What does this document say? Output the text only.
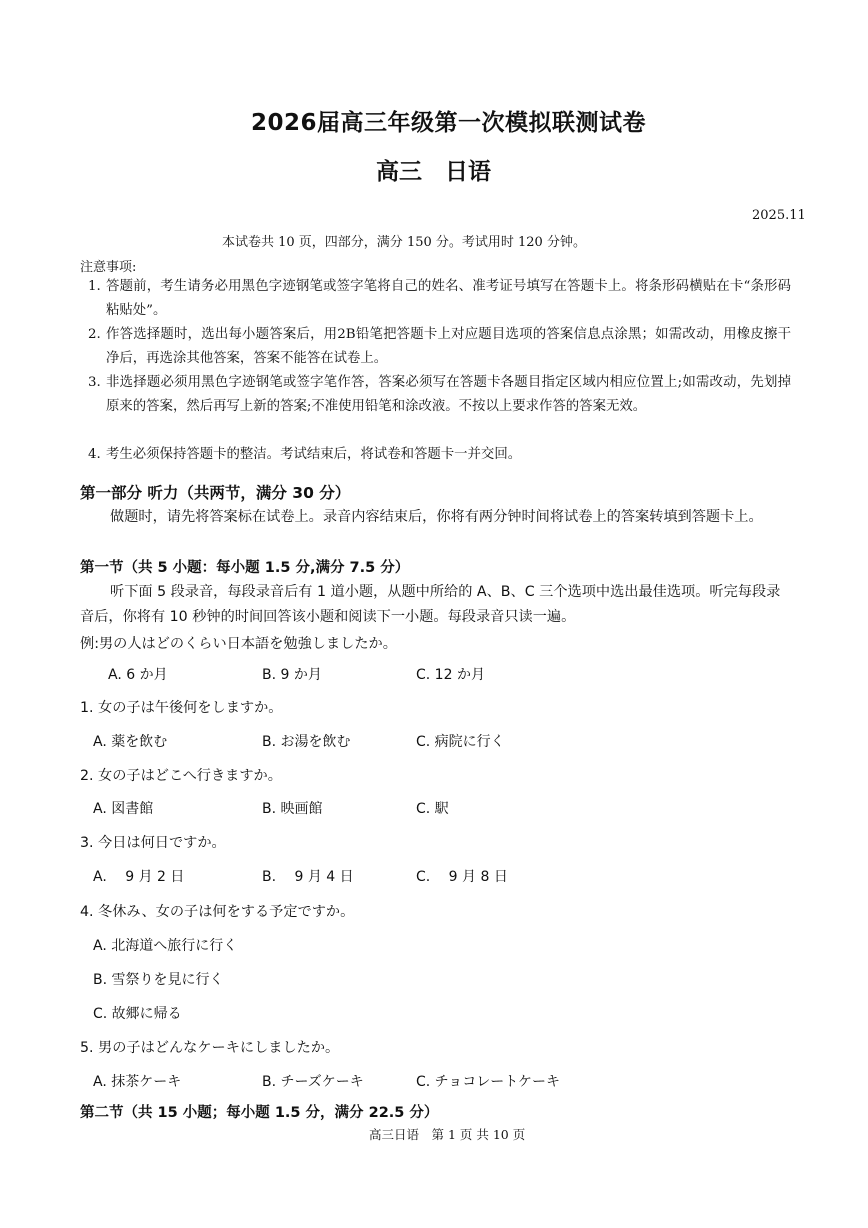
2026届高三年级第一次模拟联测试卷
高三　日语
2025.11
本试卷共 10 页，四部分，满分 150 分。考试用时 120 分钟。
注意事项:
1. 答题前，考生请务必用黑色字迹钢笔或签字笔将自己的姓名、准考证号填写在答题卡上。将条形码横贴在卡“条形码粘贴处”。
2. 作答选择题时，选出每小题答案后，用2B铅笔把答题卡上对应题目选项的答案信息点涂黑；如需改动，用橡皮擦干净后，再选涂其他答案，答案不能答在试卷上。
3. 非选择题必须用黑色字迹钢笔或签字笔作答，答案必须写在答题卡各题目指定区域内相应位置上;如需改动，先划掉原来的答案，然后再写上新的答案;不准使用铅笔和涂改液。不按以上要求作答的答案无效。
4. 考生必须保持答题卡的整洁。考试结束后，将试卷和答题卡一并交回。
第一部分 听力（共两节，满分 30 分）
做题时，请先将答案标在试卷上。录音内容结束后，你将有两分钟时间将试卷上的答案转填到答题卡上。
第一节（共 5 小题：每小题 1.5 分,满分 7.5 分）
听下面 5 段录音，每段录音后有 1 道小题，从题中所给的 A、B、C 三个选项中选出最佳选项。听完每段录音后，你将有 10 秒钟的时间回答该小题和阅读下一小题。每段录音只读一遍。
例:男の人はどのくらい日本語を勉強しましたか。
A. 6 か月	B. 9 か月	C. 12 か月
1. 女の子は午後何をしますか。
A. 薬を飲む	B. お湯を飲む	C. 病院に行く
2. 女の子はどこへ行きますか。
A. 図書館	B. 映画館	C. 駅
3. 今日は何日ですか。
A.　 9 月 2 日	B.　 9 月 4 日	C.　 9 月 8 日
4. 冬休み、女の子は何をする予定ですか。
A. 北海道へ旅行に行く
B. 雪祭りを見に行く
C. 故郷に帰る
5. 男の子はどんなケーキにしましたか。
A. 抹茶ケーキ	B. チーズケーキ	C. チョコレートケーキ
第二节（共 15 小题；每小题 1.5 分，满分 22.5 分）
高三日语　第 1 页 共 10 页
